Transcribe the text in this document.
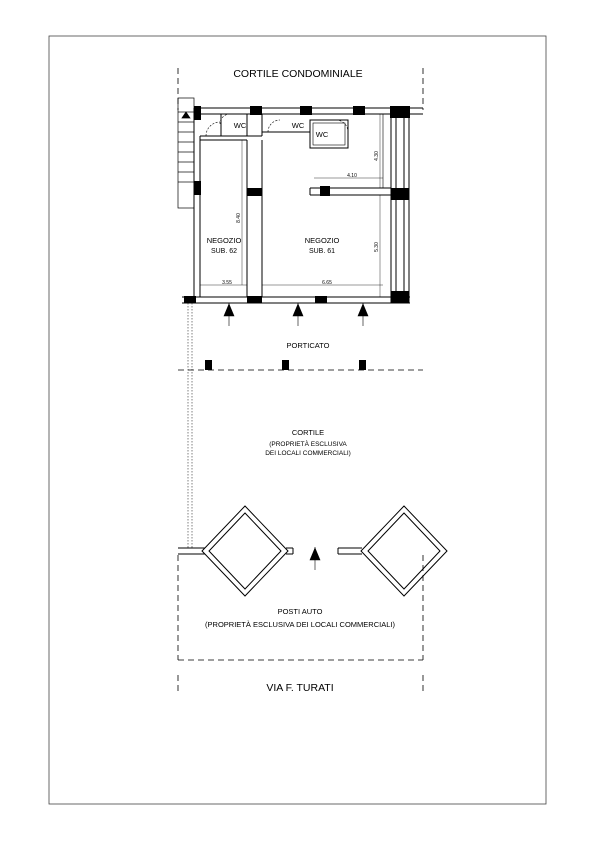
CORTILE CONDOMINIALE
3.55	6.65
4.10
8.40
4.30
5.30
WC	WC
WC
NEGOZIO
SUB. 62
NEGOZIO
SUB. 61
PORTICATO
CORTILE
(PROPRIETÀ ESCLUSIVA
DEI LOCALI COMMERCIALI)
POSTI AUTO
(PROPRIETÀ ESCLUSIVA DEI LOCALI COMMERCIALI)
VIA F. TURATI
